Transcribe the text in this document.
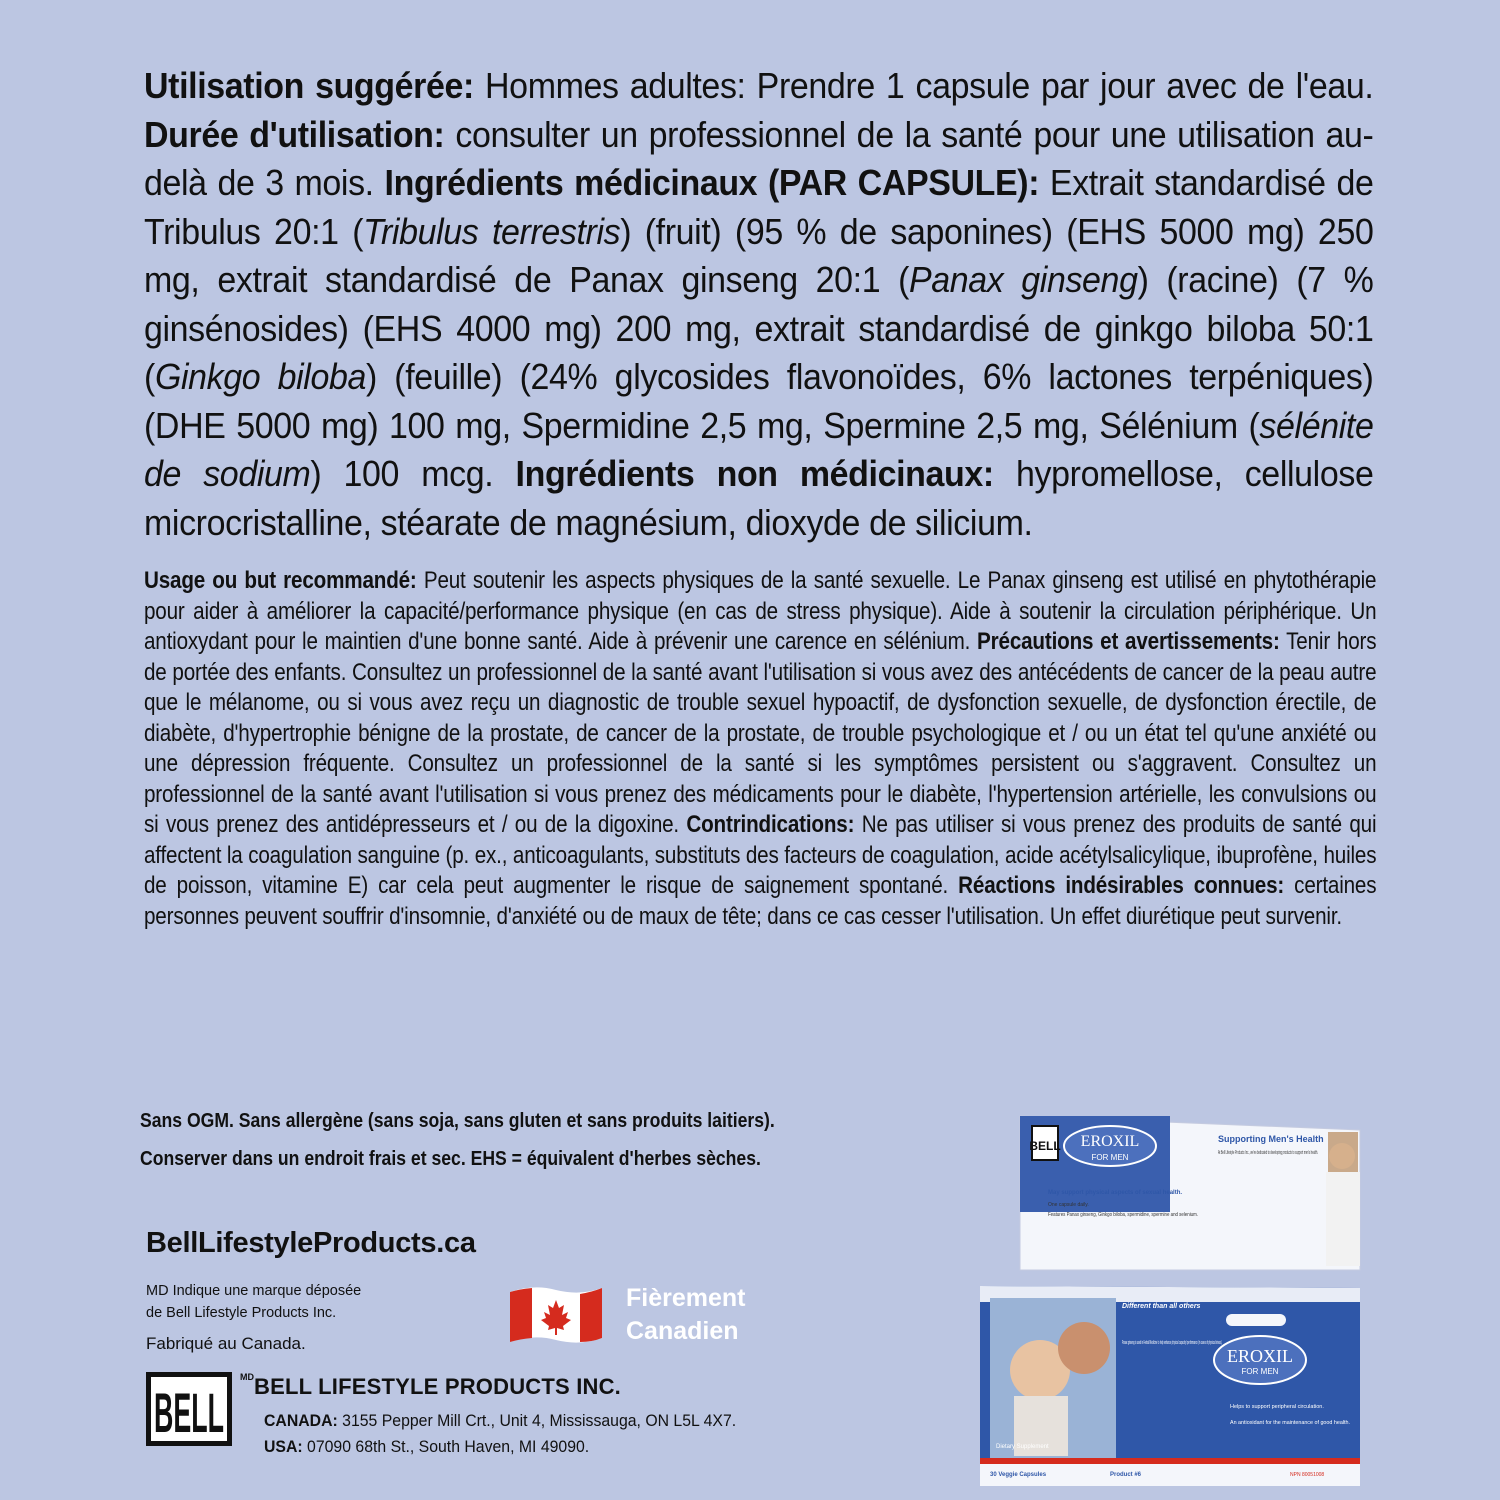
Utilisation suggérée: Hommes adultes: Prendre 1 capsule par jour avec de l'eau. Durée d'utilisation: consulter un professionnel de la santé pour une utilisation au-delà de 3 mois. Ingrédients médicinaux (PAR CAPSULE): Extrait standardisé de Tribulus 20:1 (Tribulus terrestris) (fruit) (95 % de saponines) (EHS 5000 mg) 250 mg, extrait standardisé de Panax ginseng 20:1 (Panax ginseng) (racine) (7 % ginsénosides) (EHS 4000 mg) 200 mg, extrait standardisé de ginkgo biloba 50:1 (Ginkgo biloba) (feuille) (24% glycosides flavonoïdes, 6% lactones terpéniques) (DHE 5000 mg) 100 mg, Spermidine 2,5 mg, Spermine 2,5 mg, Sélénium (sélénite de sodium) 100 mcg. Ingrédients non médicinaux: hypromellose, cellulose microcristalline, stéarate de magnésium, dioxyde de silicium.
Usage ou but recommandé: Peut soutenir les aspects physiques de la santé sexuelle. Le Panax ginseng est utilisé en phytothérapie pour aider à améliorer la capacité/performance physique (en cas de stress physique). Aide à soutenir la circulation périphérique. Un antioxydant pour le maintien d'une bonne santé. Aide à prévenir une carence en sélénium. Précautions et avertissements: Tenir hors de portée des enfants. Consultez un professionnel de la santé avant l'utilisation si vous avez des antécédents de cancer de la peau autre que le mélanome, ou si vous avez reçu un diagnostic de trouble sexuel hypoactif, de dysfonction sexuelle, de dysfonction érectile, de diabète, d'hypertrophie bénigne de la prostate, de cancer de la prostate, de trouble psychologique et / ou un état tel qu'une anxiété ou une dépression fréquente. Consultez un professionnel de la santé si les symptômes persistent ou s'aggravent. Consultez un professionnel de la santé avant l'utilisation si vous prenez des médicaments pour le diabète, l'hypertension artérielle, les convulsions ou si vous prenez des antidépresseurs et / ou de la digoxine. Contrindications: Ne pas utiliser si vous prenez des produits de santé qui affectent la coagulation sanguine (p. ex., anticoagulants, substituts des facteurs de coagulation, acide acétylsalicylique, ibuprofène, huiles de poisson, vitamine E) car cela peut augmenter le risque de saignement spontané. Réactions indésirables connues: certaines personnes peuvent souffrir d'insomnie, d'anxiété ou de maux de tête; dans ce cas cesser l'utilisation. Un effet diurétique peut survenir.
Sans OGM. Sans allergène (sans soja, sans gluten et sans produits laitiers).
Conserver dans un endroit frais et sec. EHS = équivalent d'herbes sèches.
BellLifestyleProducts.ca
MD Indique une marque déposée
de Bell Lifestyle Products Inc.
Fabriqué au Canada.
Fièrement
Canadien
BELL
MD BELL LIFESTYLE PRODUCTS INC.
CANADA: 3155 Pepper Mill Crt., Unit 4, Mississauga, ON L5L 4X7.
USA: 07090 68th St., South Haven, MI 49090.
BELL EROXIL
FOR MEN
Supporting Men's Health
At Bell Lifestyle Products Inc., we're dedicated to developing products to support men's health.
May support physical aspects of sexual health.
One capsule daily.
Features Panax ginseng, Ginkgo biloba, spermidine, spermine and selenium.
Different than all others
EROXIL
FOR MEN
Panax ginseng is used in Herbal Medicine to help enhance physical capacity/ performance (in cases of physical stress).
Helps to support peripheral circulation.
An antioxidant for the maintenance of good health.
Dietary Supplement
30 Veggie Capsules	Product #6	NPN 80051008
